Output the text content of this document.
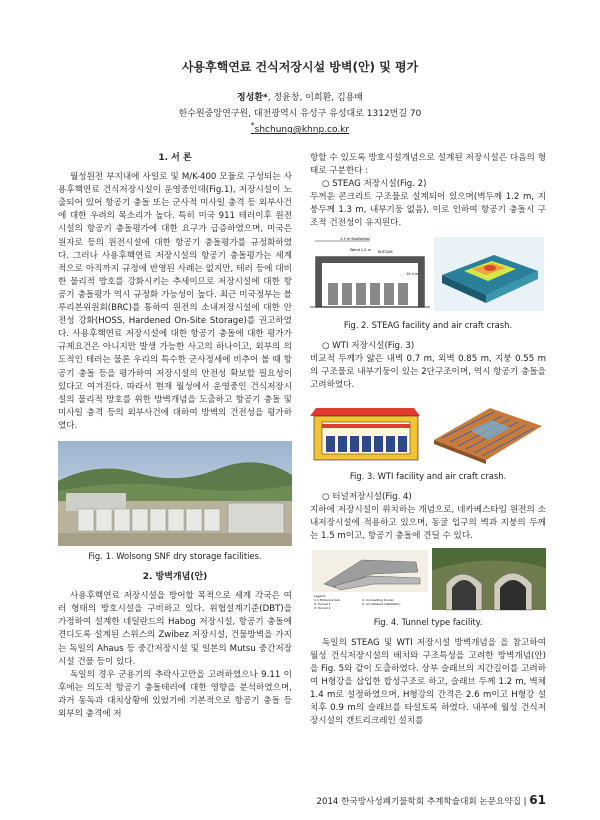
사용후핵연료 건식저장시설 방벽(안) 및 평가
정성환*, 정윤창, 이희환, 김용배
한수원중앙연구원, 대전광역시 유성구 유성대로 1312번길 70
*shchung@khnp.co.kr
1. 서 론

월성원전 부지내에 사일로 및 M/K-400 모듈로 구성되는 사용후핵연료 건식저장시설이 운영중인데(Fig.1), 저장시설이 노출되어 있어 항공기 충돌 또는 군사적 미사일 충격 등 외부사건에 대한 우려의 목소리가 높다. 특히 미국 911 테러이후 원전시설의 항공기 충돌평가에 대한 요구가 급증하였으며, 미국은 원자로 등의 원전시설에 대한 항공기 충돌평가를 규정화하였다. 그러나 사용후핵연료 저장시설의 항공기 충돌평가는 세계적으로 아직까지 규정에 반영된 사례는 없지만, 테러 등에 대비한 물리적 방호를 강화시키는 추세이므로 저장시설에 대한 항공기 충돌평가 역시 규정화 가능성이 높다. 최근 미국정부는 블루리본위원회(BRC)를 통하여 원전의 소내저장시설에 대한 안전성 강화(HOSS, Hardened On-Site Storage)를 권고하였다. 사용후핵연료 저장시설에 대한 항공기 충돌에 대한 평가가 규제요건은 아니지만 발생 가능한 사고의 하나이고, 외부의 의도적인 테러는 물론 우리의 특수한 군사정세에 비추어 볼 때 항공기 충돌 등을 평가하여 저장시설의 안전성 확보할 필요성이 있다고 여겨진다. 따라서 현재 월성에서 운영중인 건식저장시설의 물리적 방호를 위한 방벽개념을 도출하고 항공기 충돌 및 미사일 충격 등의 외부사건에 대하여 방벽의 건전성을 평가하였다.

Fig. 1. Wolsong SNF dry storage facilities.
2. 방벽개념(안)

사용후핵연료 저장시설을 방어할 목적으로 세계 각국은 여러 형태의 방호시설을 구비하고 있다. 위협설계기준(DBT)을 가정하여 설계한 네덜란드의 Habog 저장시설, 항공기 충돌에 견디도록 설계된 스위스의 Zwibez 저장시설, 건물방벽을 가지는 독일의 Ahaus 등 중간저장시설 및 일본의 Mutsu 중간저장시설 건물 등이 있다.

독일의 경우 군용기의 추락사고만을 고려하였으나 9.11 이후에는 의도적 항공기 충돌테러에 대한 영향을 분석하였으며, 과거 동독과 대치상황에 있었기에 기본적으로 항공기 충돌 등 외부의 충격에 저

항할 수 있도록 방호시설개념으로 설계된 저장시설은 다음의 형태로 구분한다 :

○ STEAG 저장시설(Fig. 2)

두꺼운 콘크리트 구조물로 설계되어 있으며(벽두께 1.2 m, 지붕두께 1.3 m, 내부기둥 없음), 이로 인하여 항공기 충돌시 구조적 건전성이 유지된다.

1.3 m Stahlbeton
Wand 1.2 m KUTCAM
10.4 m
Fig. 2. STEAG facility and air craft crash.

○ WTI 저장시설(Fig. 3)

비교적 두께가 얇은 내벽 0.7 m, 외벽 0.85 m, 지붕 0.55 m의 구조물로 내부기둥이 있는 2단구조이며, 역시 항공기 충돌을 고려하였다.

Fig. 3. WTI facility and air craft crash.

○ 터널저장시설(Fig. 4)

지하에 저장시설이 위치하는 개념으로, 네카베스타임 원전의 소내저장시설에 적용하고 있으며, 동굴 입구의 벽과 지붕의 두께는 1.5 m이고, 항공기 충돌에 견딜 수 있다.

Legend:
1-1 Entrance hall
2: Tunnel 1
3: Tunnel 2
4: Connecting tunnel
5: Air exhaust installation
Fig. 4. Tunnel type facility.

독일의 STEAG 및 WTI 저장시설 방벽개념을 을 참고하여 월성 건식저장시설의 배치와 구조특성을 고려한 방벽개념(안)을 Fig. 5와 같이 도출하였다. 상부 슬래브의 지간길이를 고려하여 H형강을 삽입한 합성구조로 하고, 슬래브 두께 1.2 m, 벽체 1.4 m로 설정하였으며, H형강의 간격은 2.6 m이고 H형강 설치후 0.9 m의 슬래브를 타설토록 하였다. 내부에 월성 건식저장시설의 갠트리크레인 설치를

2014 한국방사성폐기물학회 추계학술대회 논문요약집 | 61
